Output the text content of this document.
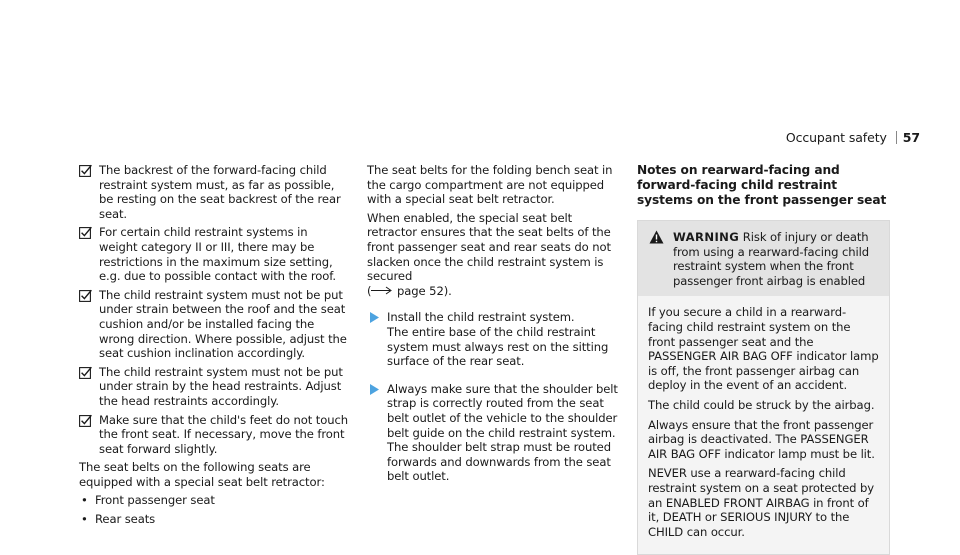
Occupant safety 57
The backrest of the forward-facing child restraint system must, as far as possible, be resting on the seat backrest of the rear seat.
For certain child restraint systems in weight category II or III, there may be restrictions in the maximum size setting, e.g. due to possible contact with the roof.
The child restraint system must not be put under strain between the roof and the seat cushion and/or be installed facing the wrong direction. Where possible, adjust the seat cushion inclination accordingly.
The child restraint system must not be put under strain by the head restraints. Adjust the head restraints accordingly.
Make sure that the child's feet do not touch the front seat. If necessary, move the front seat forward slightly.

The seat belts on the following seats are equipped with a special seat belt retractor:

• Front passenger seat
• Rear seats

The seat belts for the folding bench seat in the cargo compartment are not equipped with a special seat belt retractor.

When enabled, the special seat belt retractor ensures that the seat belts of the front passenger seat and rear seats do not slacken once the child restraint system is secured
( page 52).

Install the child restraint system.
The entire base of the child restraint system must always rest on the sitting surface of the rear seat.
Always make sure that the shoulder belt strap is correctly routed from the seat belt outlet of the vehicle to the shoulder belt guide on the child restraint system.
The shoulder belt strap must be routed forwards and downwards from the seat belt outlet.
Notes on rearward-facing and forward-facing child restraint systems on the front passenger seat
WARNING Risk of injury or death from using a rearward-facing child restraint system when the front passenger front airbag is enabled

If you secure a child in a rearward-facing child restraint system on the front passenger seat and the PASSENGER AIR BAG OFF indicator lamp is off, the front passenger airbag can deploy in the event of an accident.

The child could be struck by the airbag.

Always ensure that the front passenger airbag is deactivated. The PASSENGER AIR BAG OFF indicator lamp must be lit.

NEVER use a rearward-facing child restraint system on a seat protected by an ENABLED FRONT AIRBAG in front of it, DEATH or SERIOUS INJURY to the CHILD can occur.
